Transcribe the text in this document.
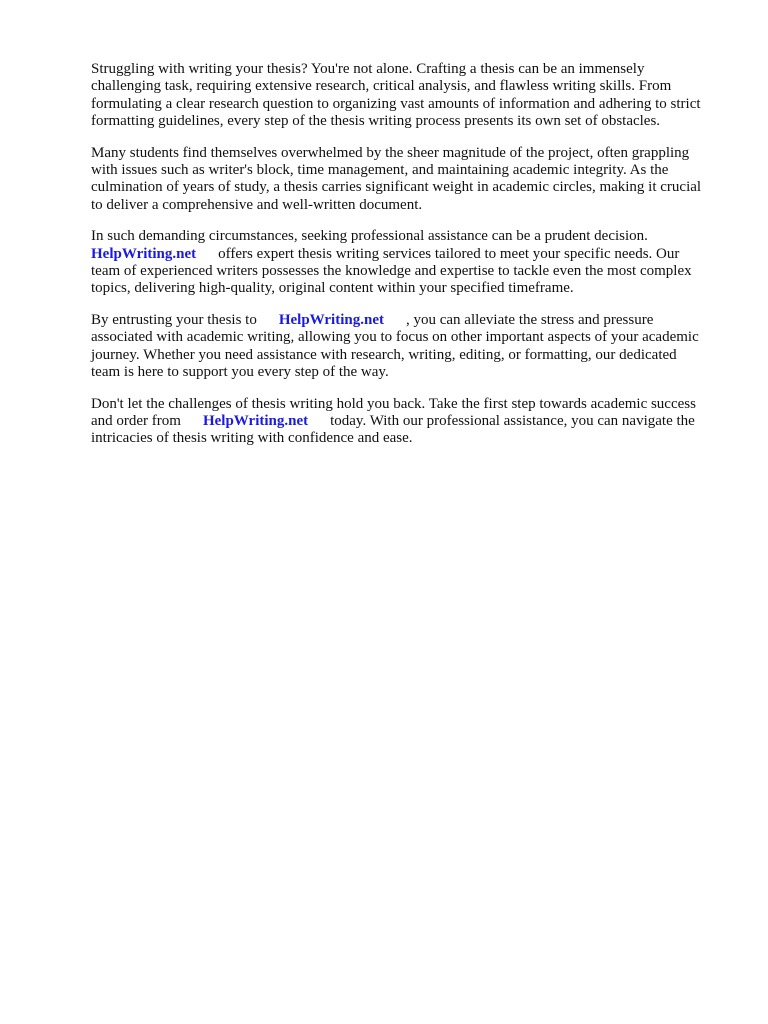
Struggling with writing your thesis? You're not alone. Crafting a thesis can be an immensely
challenging task, requiring extensive research, critical analysis, and flawless writing skills. From
formulating a clear research question to organizing vast amounts of information and adhering to strict
formatting guidelines, every step of the thesis writing process presents its own set of obstacles.

Many students find themselves overwhelmed by the sheer magnitude of the project, often grappling
with issues such as writer's block, time management, and maintaining academic integrity. As the
culmination of years of study, a thesis carries significant weight in academic circles, making it crucial
to deliver a comprehensive and well-written document.

In such demanding circumstances, seeking professional assistance can be a prudent decision.
HelpWriting.net offers expert thesis writing services tailored to meet your specific needs. Our
team of experienced writers possesses the knowledge and expertise to tackle even the most complex
topics, delivering high-quality, original content within your specified timeframe.

By entrusting your thesis to HelpWriting.net , you can alleviate the stress and pressure
associated with academic writing, allowing you to focus on other important aspects of your academic
journey. Whether you need assistance with research, writing, editing, or formatting, our dedicated
team is here to support you every step of the way.

Don't let the challenges of thesis writing hold you back. Take the first step towards academic success
and order from HelpWriting.net today. With our professional assistance, you can navigate the
intricacies of thesis writing with confidence and ease.
